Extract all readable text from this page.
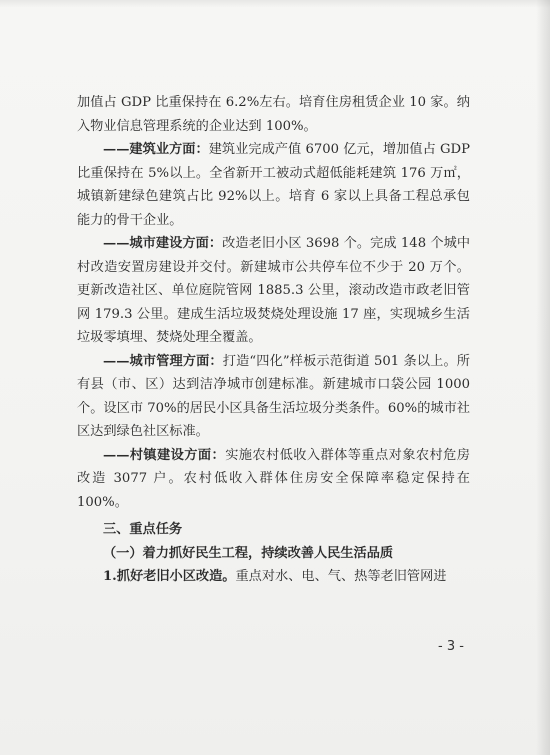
加值占 GDP 比重保持在 6.2%左右。培育住房租赁企业 10 家。纳入物业信息管理系统的企业达到 100%。

——建筑业方面：建筑业完成产值 6700 亿元，增加值占 GDP 比重保持在 5%以上。全省新开工被动式超低能耗建筑 176 万㎡，城镇新建绿色建筑占比 92%以上。培育 6 家以上具备工程总承包能力的骨干企业。

——城市建设方面：改造老旧小区 3698 个。完成 148 个城中村改造安置房建设并交付。新建城市公共停车位不少于 20 万个。更新改造社区、单位庭院管网 1885.3 公里，滚动改造市政老旧管网 179.3 公里。建成生活垃圾焚烧处理设施 17 座，实现城乡生活垃圾零填埋、焚烧处理全覆盖。

——城市管理方面：打造“四化”样板示范街道 501 条以上。所有县（市、区）达到洁净城市创建标准。新建城市口袋公园 1000 个。设区市 70%的居民小区具备生活垃圾分类条件。60%的城市社区达到绿色社区标准。

——村镇建设方面：实施农村低收入群体等重点对象农村危房改造 3077 户。农村低收入群体住房安全保障率稳定保持在 100%。

三、重点任务

（一）着力抓好民生工程，持续改善人民生活品质

1.抓好老旧小区改造。重点对水、电、气、热等老旧管网进

- 3 -
